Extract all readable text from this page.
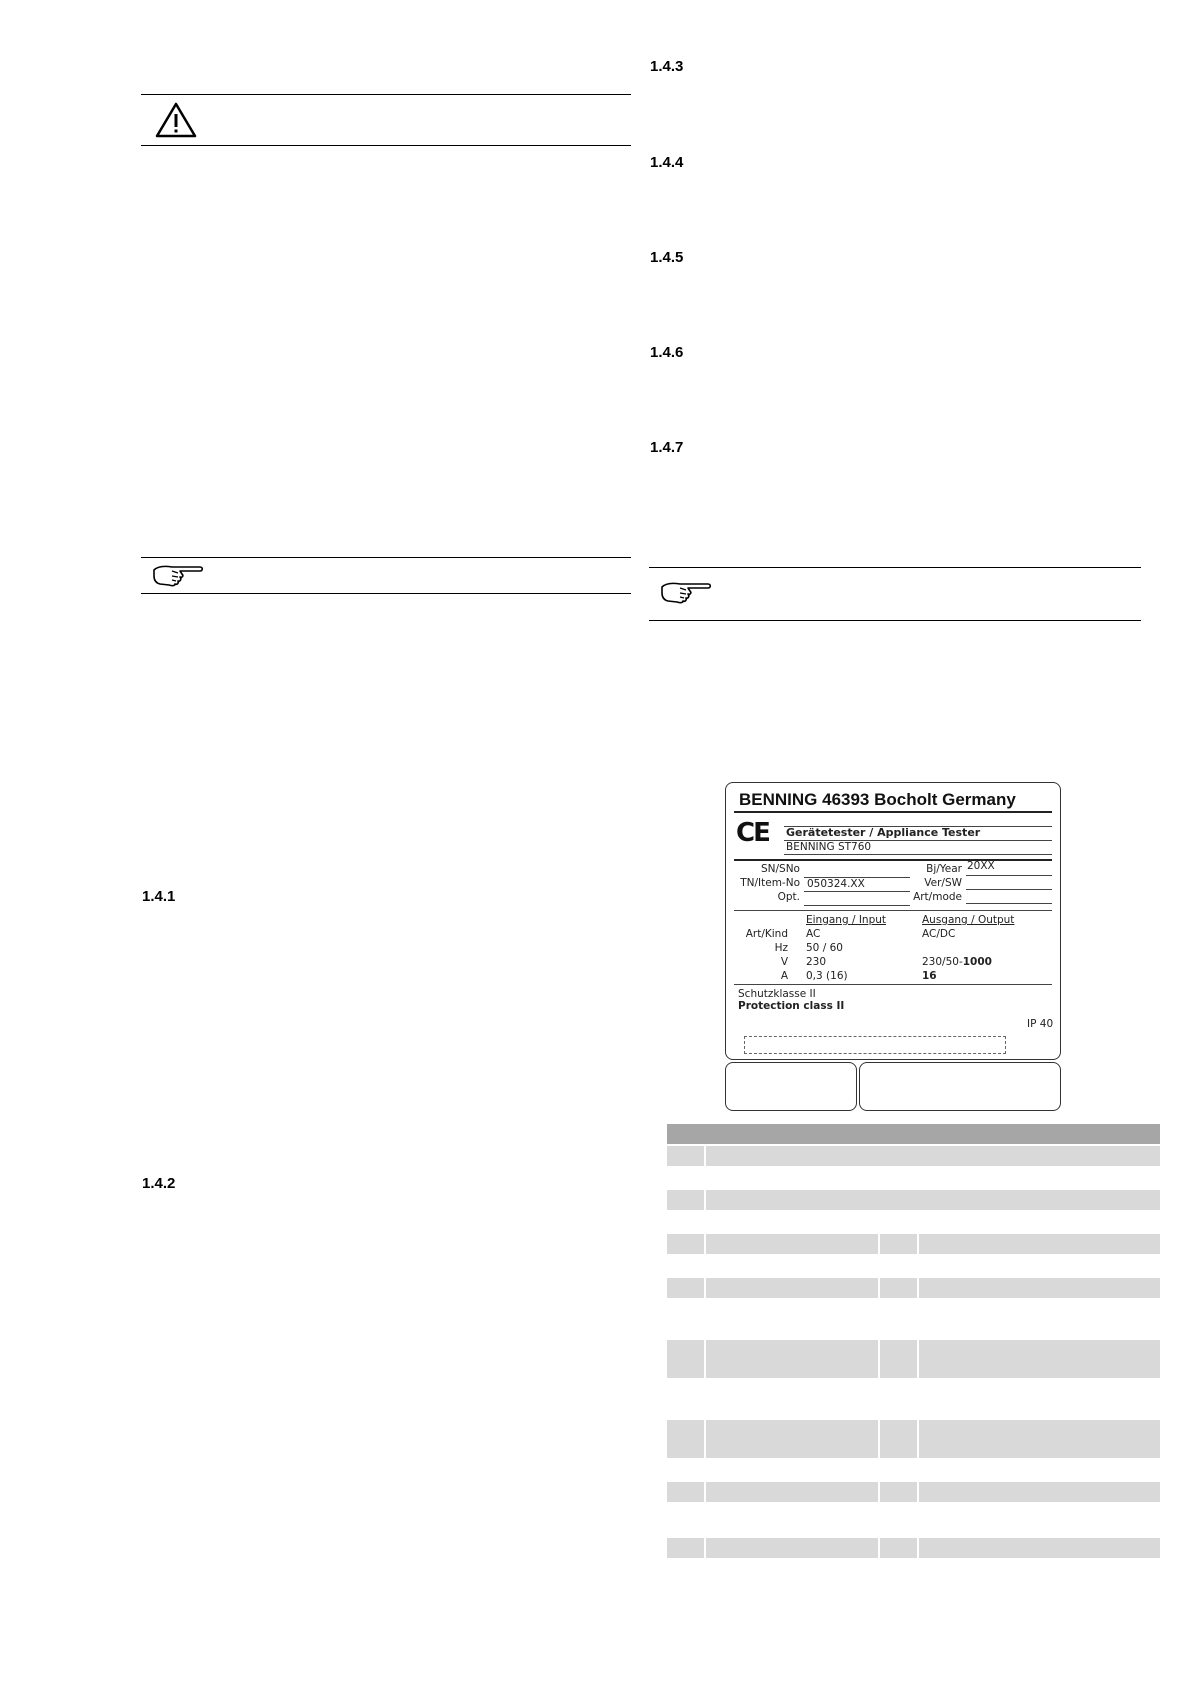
1.4.1
1.4.2
1.4.3
1.4.4
1.4.5
1.4.6
1.4.7
BENNING 46393 Bocholt Germany
CE Gerätetester / Appliance Tester
BENNING ST760
SN/SNo
TN/Item-No 050324.XX
Opt.
Bj/Year 20XX
Ver/SW
Art/mode
Eingang / Input	Ausgang / Output
Art/Kind
Hz
V
A
AC
50 / 60
230
0,3 (16)
AC/DC
230/50-1000
16
Schutzklasse II
Protection class II
IP 40
